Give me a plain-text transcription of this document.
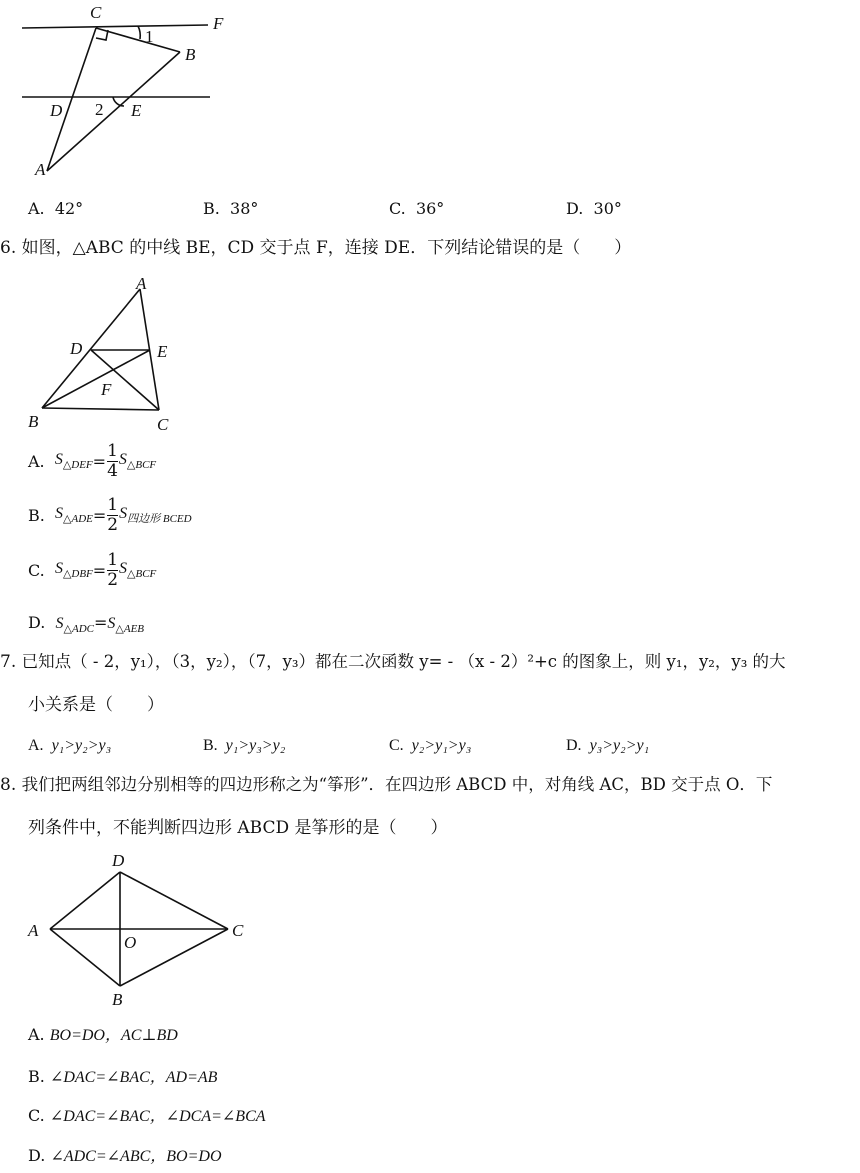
C
F
B
1
D 2 E
A
A. 42°	B. 38°	C. 36°	D. 30°
6. 如图，△ABC 的中线 BE，CD 交于点 F，连接 DE．下列结论错误的是（　　）
A
D	E
F
B	C
A. $S_{\triangle DEF}= \frac{1}{4} S_{\triangle BCF}$
B. $S_{\triangle ADE}= \frac{1}{2} S_{四边形 BCED}$
C. $S_{\triangle DBF}= \frac{1}{2} S_{\triangle BCF}$
D. $S_{\triangle ADC}=S_{\triangle AEB}$
7. 已知点（ - 2，y₁），（3，y₂），（7，y₃）都在二次函数 y= - （x - 2）²+c 的图象上，则 y₁，y₂，y₃ 的大
小关系是（　　）
A. y₁>y₂>y₃	B. y₁>y₃>y₂	C. y₂>y₁>y₃	D. y₃>y₂>y₁
8. 我们把两组邻边分别相等的四边形称之为“筝形”．在四边形 ABCD 中，对角线 AC，BD 交于点 O．下
列条件中，不能判断四边形 ABCD 是筝形的是（　　）
D
A
O
C
B
A. BO=DO，AC⊥BD
B. ∠DAC=∠BAC，AD=AB
C. ∠DAC=∠BAC，∠DCA=∠BCA
D. ∠ADC=∠ABC，BO=DO
